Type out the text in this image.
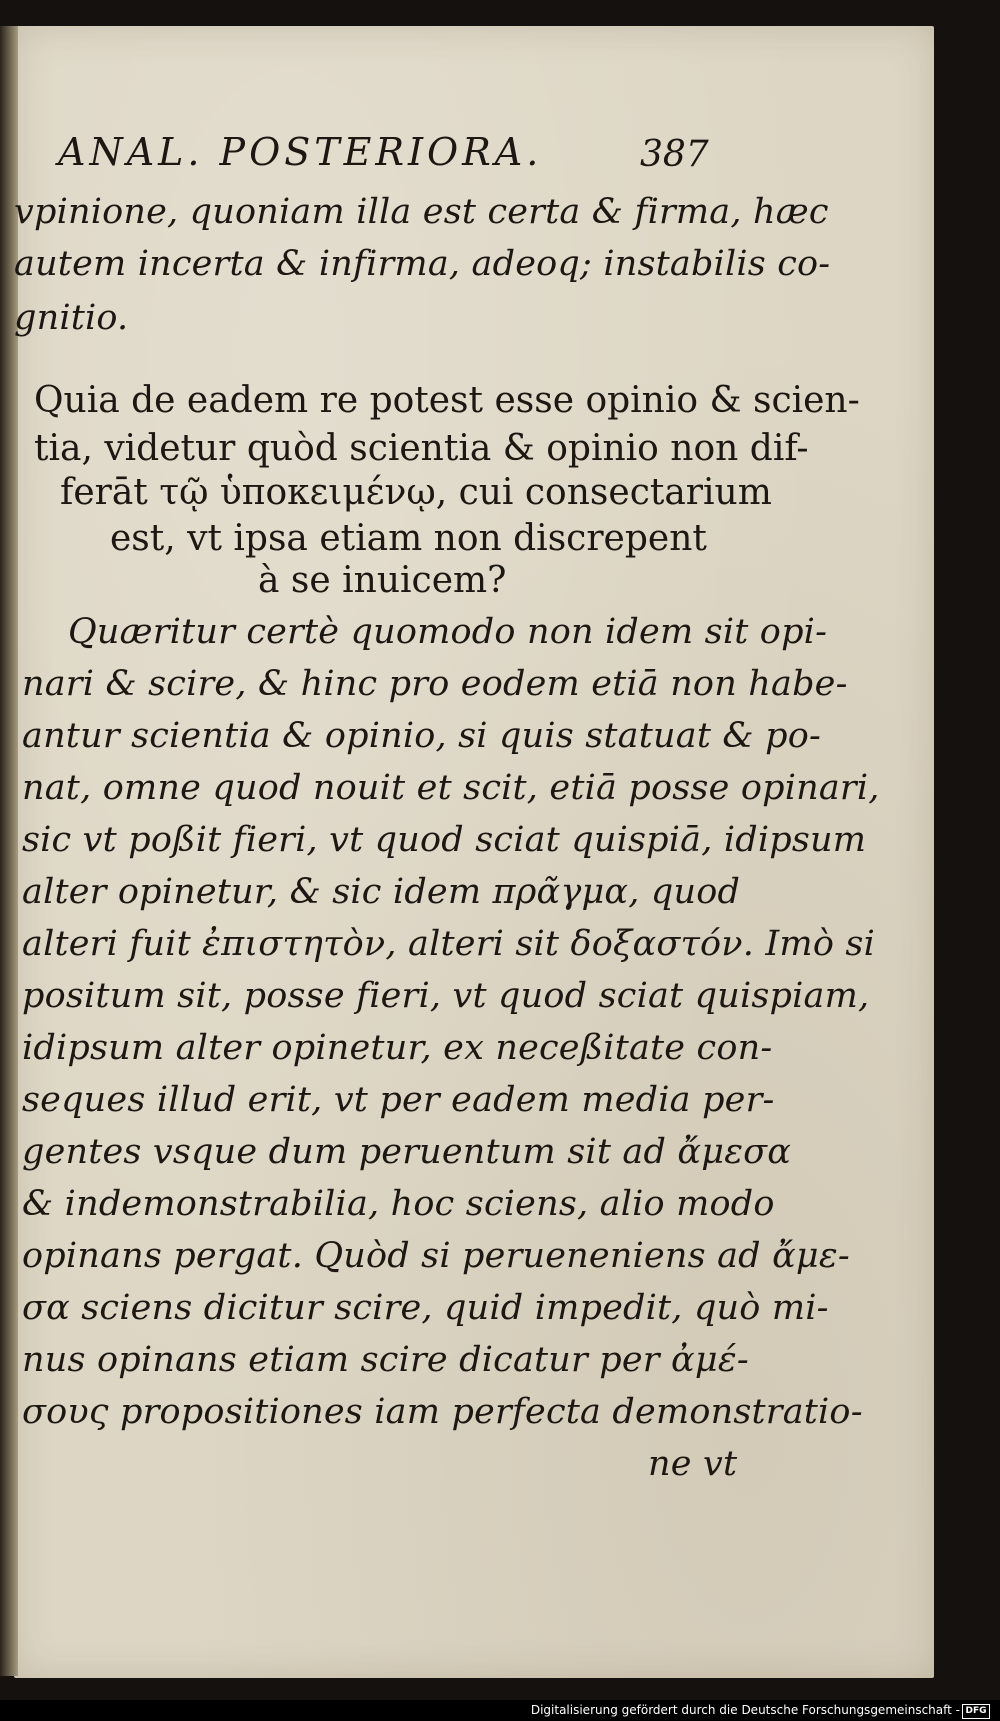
ANAL. POSTERIORA.	387
vpinione, quoniam illa est certa & firma, hæc
autem incerta & infirma, adeoq; instabilis co-
gnitio.
Quia de eadem re potest esse opinio & scien-
tia, videtur quòd scientia & opinio non dif-
ferāt τῷ ὑποκειμένῳ, cui consectarium
est, vt ipsa etiam non discrepent
à se inuicem?
Quæritur certè quomodo non idem sit opi-
nari & scire, & hinc pro eodem etiā non habe-
antur scientia & opinio, si quis statuat & po-
nat, omne quod nouit et scit, etiā posse opinari,
sic vt poßit fieri, vt quod sciat quispiā, idipsum
alter opinetur, & sic idem πρᾶγμα, quod
alteri fuit ἐπιστητὸν, alteri sit δοξαστόν. Imò si
positum sit, posse fieri, vt quod sciat quispiam,
idipsum alter opinetur, ex neceßitate con-
seques illud erit, vt per eadem media per-
gentes vsque dum peruentum sit ad ἄμεσα
& indemonstrabilia, hoc sciens, alio modo
opinans pergat. Quòd si perueneniens ad ἄμε-
σα sciens dicitur scire, quid impedit, quò mi-
nus opinans etiam scire dicatur per ἀμέ-
σους propositiones iam perfecta demonstratio-
ne vt
Digitalisierung gefördert durch die Deutsche Forschungsgemeinschaft - DFG
